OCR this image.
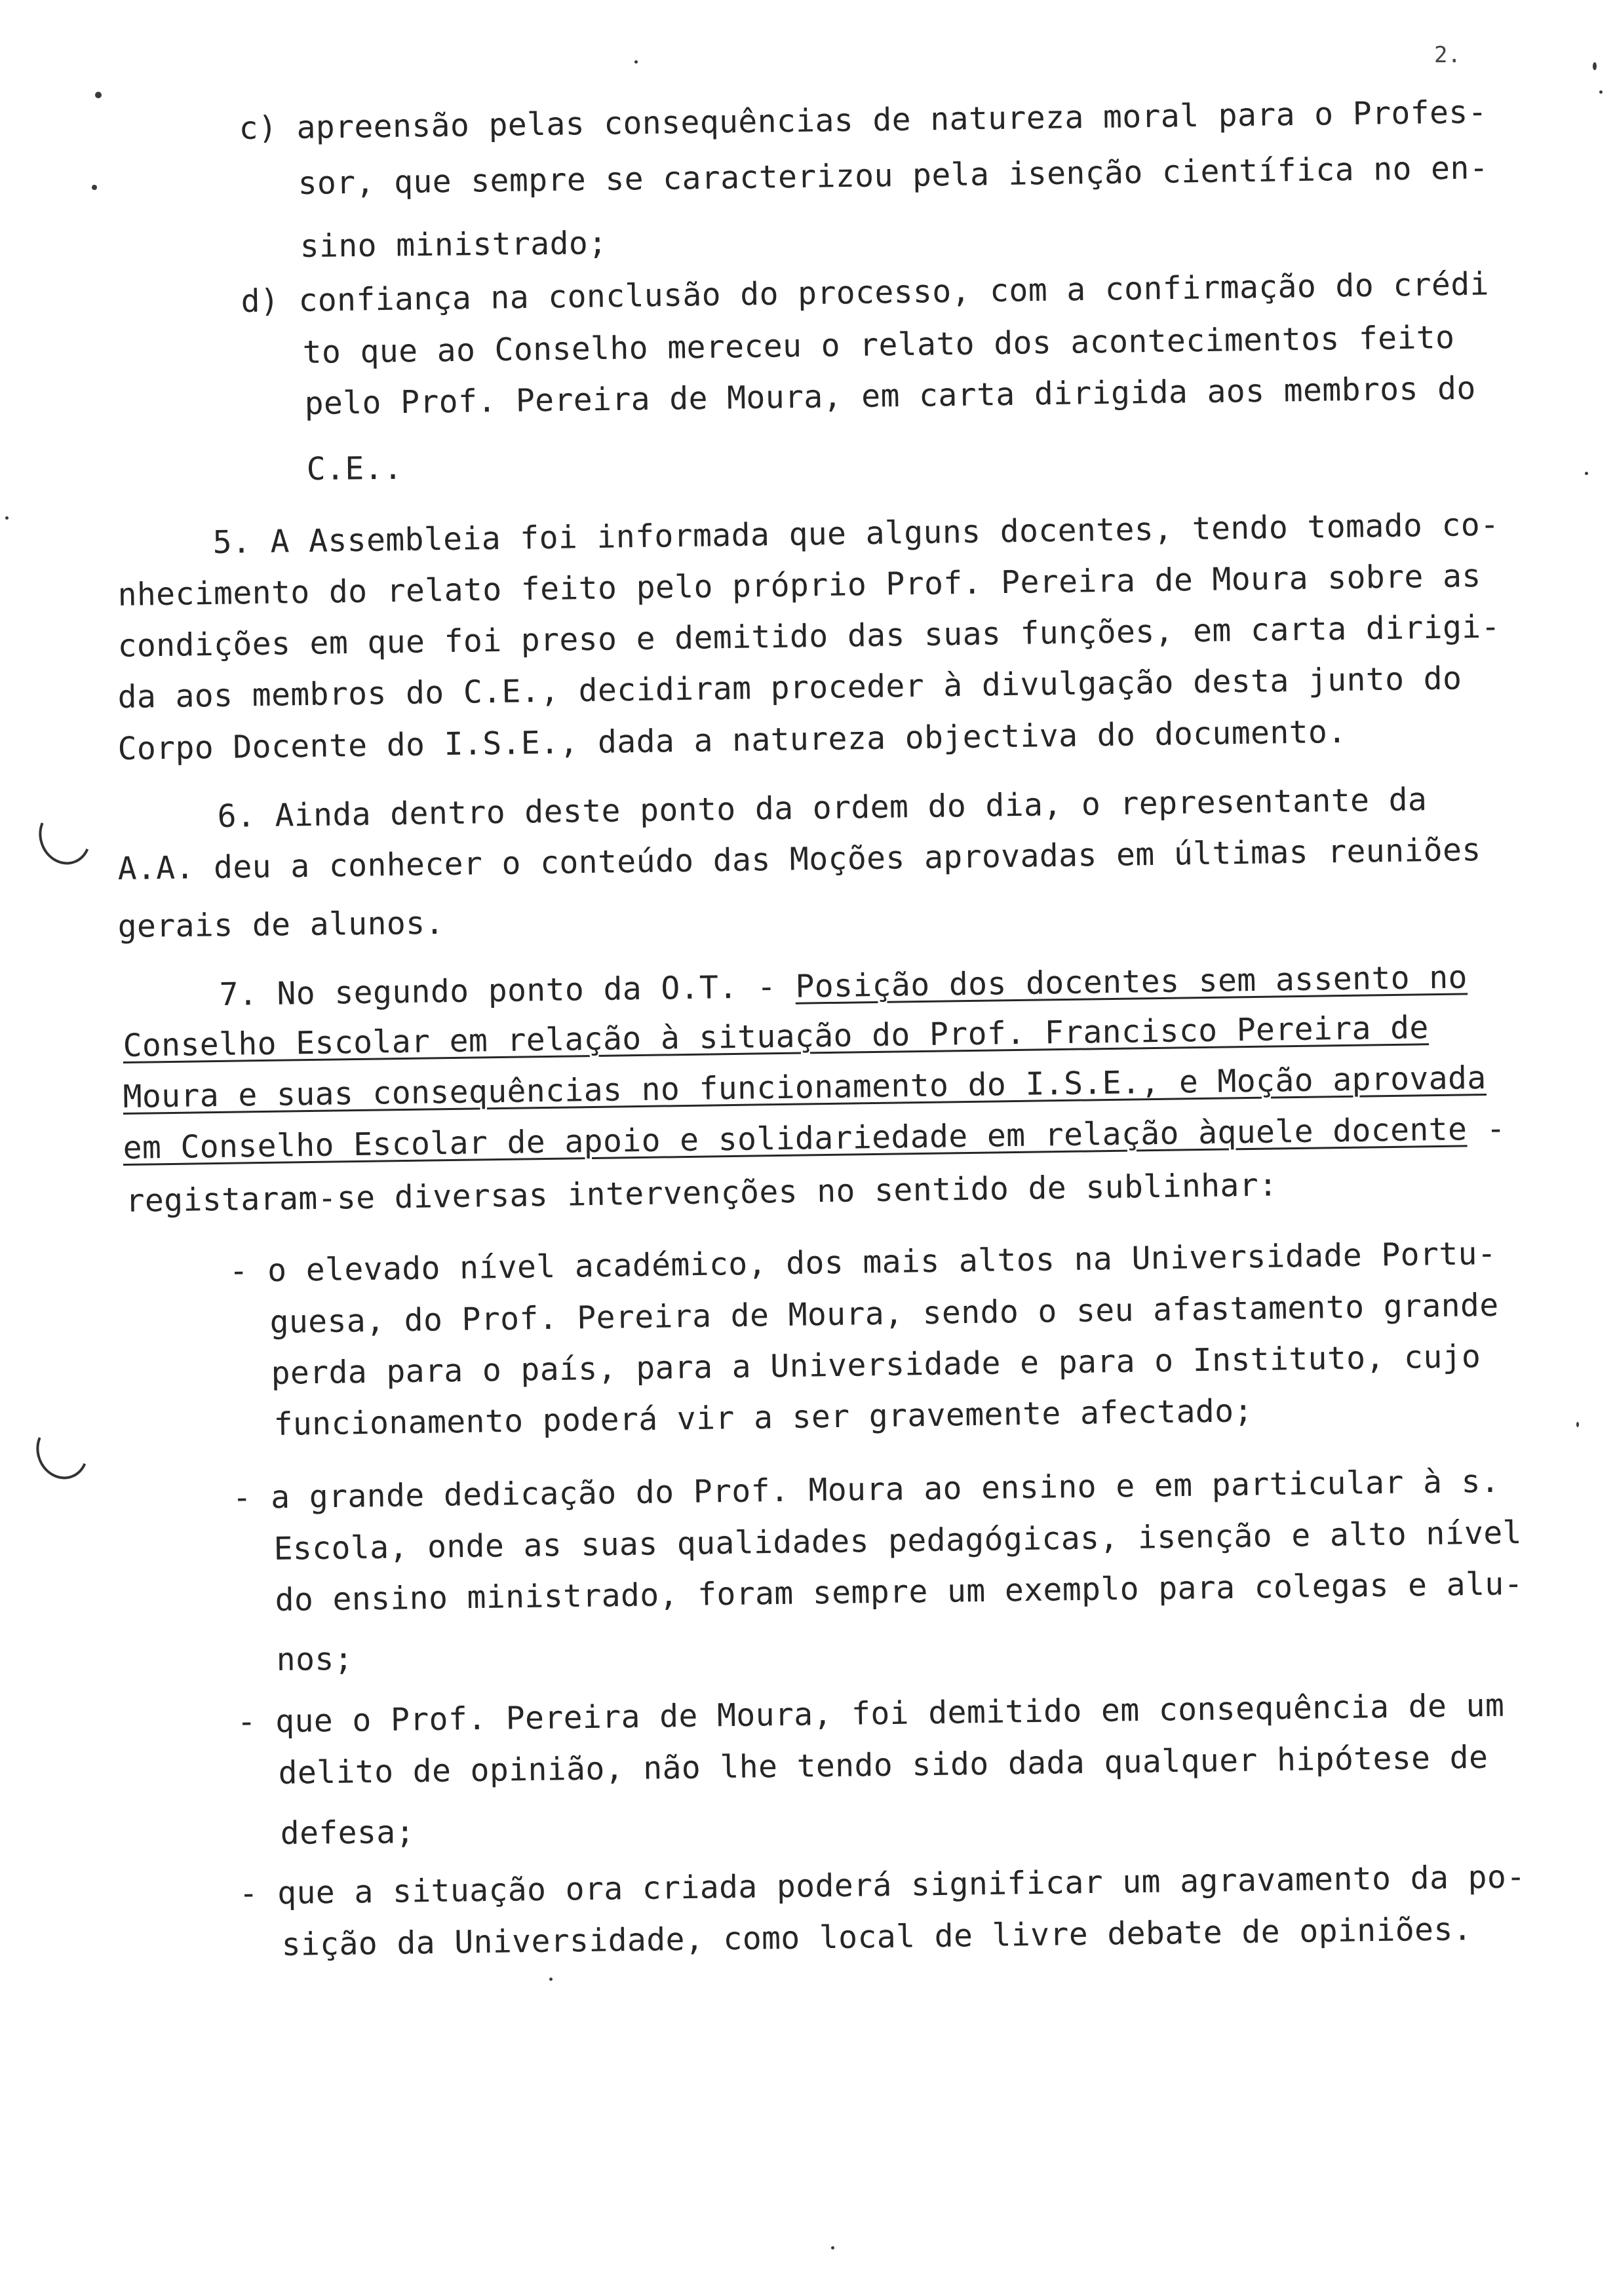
2.
c) apreensão pelas consequências de natureza moral para o Profes-
sor, que sempre se caracterizou pela isenção científica no en-
sino ministrado;
d) confiança na conclusão do processo, com a confirmação do crédi
to que ao Conselho mereceu o relato dos acontecimentos feito
pelo Prof. Pereira de Moura, em carta dirigida aos membros do
C.E..
5. A Assembleia foi informada que alguns docentes, tendo tomado co-
nhecimento do relato feito pelo próprio Prof. Pereira de Moura sobre as
condições em que foi preso e demitido das suas funções, em carta dirigi-
da aos membros do C.E., decidiram proceder à divulgação desta junto do
Corpo Docente do I.S.E., dada a natureza objectiva do documento.
6. Ainda dentro deste ponto da ordem do dia, o representante da
A.A. deu a conhecer o conteúdo das Moções aprovadas em últimas reuniões
gerais de alunos.
7. No segundo ponto da O.T. - Posição dos docentes sem assento no
Conselho Escolar em relação à situação do Prof. Francisco Pereira de
Moura e suas consequências no funcionamento do I.S.E., e Moção aprovada
em Conselho Escolar de apoio e solidariedade em relação àquele docente -
registaram-se diversas intervenções no sentido de sublinhar:
- o elevado nível académico, dos mais altos na Universidade Portu-
guesa, do Prof. Pereira de Moura, sendo o seu afastamento grande
perda para o país, para a Universidade e para o Instituto, cujo
funcionamento poderá vir a ser gravemente afectado;
- a grande dedicação do Prof. Moura ao ensino e em particular à s.
Escola, onde as suas qualidades pedagógicas, isenção e alto nível
do ensino ministrado, foram sempre um exemplo para colegas e alu-
nos;
- que o Prof. Pereira de Moura, foi demitido em consequência de um
delito de opinião, não lhe tendo sido dada qualquer hipótese de
defesa;
- que a situação ora criada poderá significar um agravamento da po-
sição da Universidade, como local de livre debate de opiniões.
